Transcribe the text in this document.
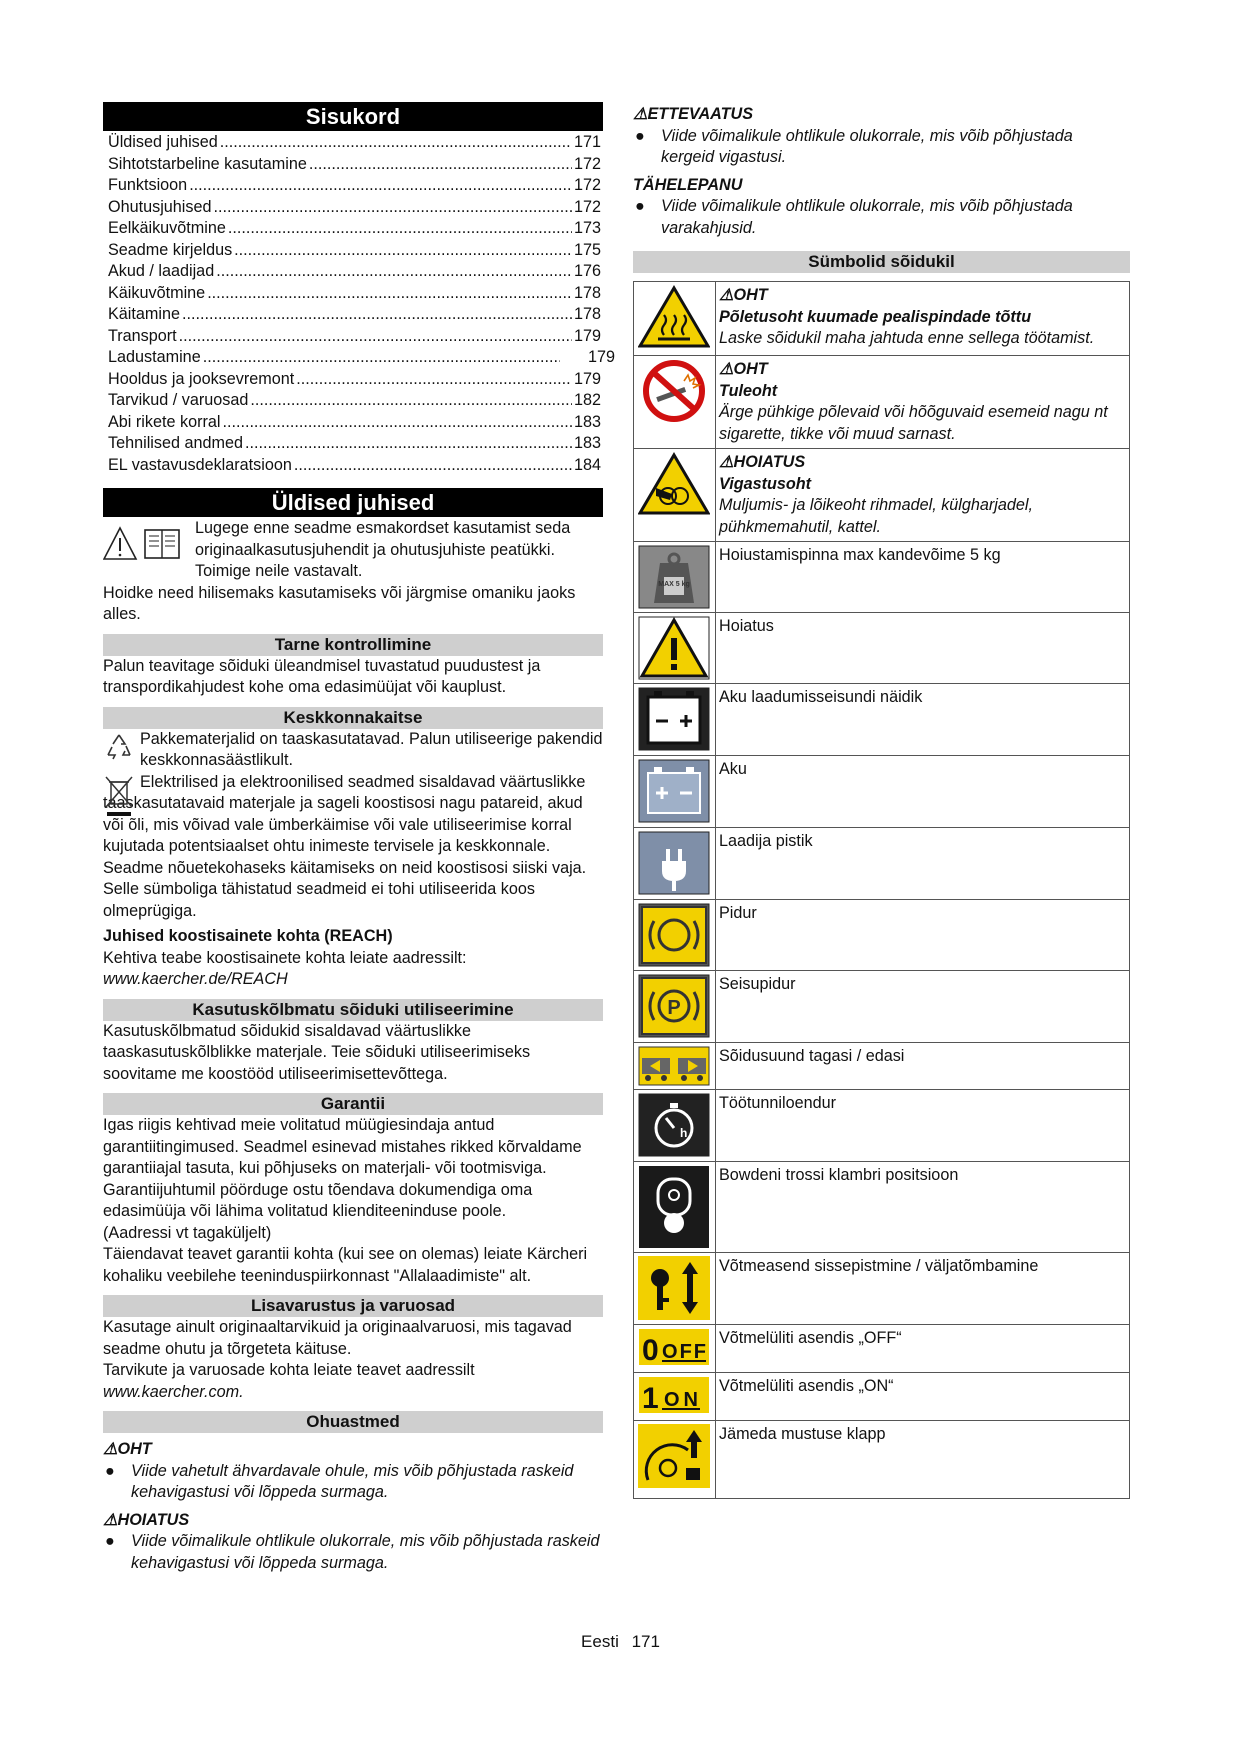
Sisukord
Üldised juhised .....	171
Sihtotstarbeline kasutamine .....	172
Funktsioon .....	172
Ohutusjuhised .....	172
Eelkäikuvõtmine .....	173
Seadme kirjeldus .....	175
Akud / laadijad .....	176
Käikuvõtmine .....	178
Käitamine .....	178
Transport .....	179
Ladustamine .....	179
Hooldus ja jooksevremont .....	179
Tarvikud / varuosad .....	182
Abi rikete korral .....	183
Tehnilised andmed .....	183
EL vastavusdeklaratsioon .....	184
Üldised juhised

Lugege enne seadme esmakordset kasutamist seda originaalkasutusjuhendit ja ohutusjuhiste peatükki. Toimige neile vastavalt.

Hoidke need hilisemaks kasutamiseks või järgmise omaniku jaoks alles.

Tarne kontrollimine

Palun teavitage sõiduki üleandmisel tuvastatud puudustest ja transpordikahjudest kohe oma edasimüüjat või kauplust.

Keskkonnakaitse

Pakkematerjalid on taaskasutatavad. Palun utiliseerige pakendid keskkonnasäästlikult.

Elektrilised ja elektroonilised seadmed sisaldavad väärtuslikke taaskasutatavaid materjale ja sageli koostisosi nagu patareid, akud või õli, mis võivad vale ümberkäimise või vale utiliseerimise korral kujutada potentsiaalset ohtu inimeste tervisele ja keskkonnale. Seadme nõuetekohaseks käitamiseks on neid koostisosi siiski vaja. Selle sümboliga tähistatud seadmeid ei tohi utiliseerida koos olmeprügiga.

Juhised koostisainete kohta (REACH)

Kehtiva teabe koostisainete kohta leiate aadressilt:

www.kaercher.de/REACH

Kasutuskõlbmatu sõiduki utiliseerimine

Kasutuskõlbmatud sõidukid sisaldavad väärtuslikke taaskasutuskõlblikke materjale. Teie sõiduki utiliseerimiseks soovitame me koostööd utiliseerimisettevõttega.

Garantii

Igas riigis kehtivad meie volitatud müügiesindaja antud garantiitingimused. Seadmel esinevad mistahes rikked kõrvaldame garantiiajal tasuta, kui põhjuseks on materjali- või tootmisviga. Garantiijuhtumil pöörduge ostu tõendava dokumendiga oma edasimüüja või lähima volitatud klienditeeninduse poole.

(Aadressi vt tagaküljelt)

Täiendavat teavet garantii kohta (kui see on olemas) leiate Kärcheri kohaliku veebilehe teeninduspiirkonnast "Allalaadimiste" alt.

Lisavarustus ja varuosad

Kasutage ainult originaaltarvikuid ja originaalvaruosi, mis tagavad seadme ohutu ja tõrgeteta käituse.

Tarvikute ja varuosade kohta leiate teavet aadressilt

www.kaercher.com.

Ohuastmed
⚠OHT
●	Viide vahetult ähvardavale ohule, mis võib põhjustada raskeid kehavigastusi või lõppeda surmaga.
⚠HOIATUS
●	Viide võimalikule ohtlikule olukorrale, mis võib põhjustada raskeid kehavigastusi või lõppeda surmaga.
⚠ETTEVAATUS
●	Viide võimalikule ohtlikule olukorrale, mis võib põhjustada kergeid vigastusi.
TÄHELEPANU
●	Viide võimalikule ohtlikule olukorrale, mis võib põhjustada varakahjusid.
Sümbolid sõidukil

⚠OHT
Põletusoht kuumade pealispindade tõttu
Laske sõidukil maha jahtuda enne sellega töötamist.

⚠OHT
Tuleoht
Ärge pühkige põlevaid või hõõguvaid esemeid nagu nt sigarette, tikke või muud sarnast.

⚠HOIATUS
Vigastusoht
Muljumis- ja lõikeoht rihmadel, külgharjadel, pühkmemahutil, kattel.

MAX 5 kg	Hoiustamispinna max kandevõime 5 kg

Hoiatus

Aku laadumisseisundi näidik

Aku

Laadija pistik

Pidur

P	Seisupidur

Sõidusuund tagasi / edasi

h	Töötunniloendur

Bowdeni trossi klambri positsioon

Võtmeasend sissepistmine / väljatõmbamine

0 OFF	Võtmelüliti asendis „OFF“

1 ON	Võtmelüliti asendis „ON“

Jämeda mustuse klapp
Eesti 171
